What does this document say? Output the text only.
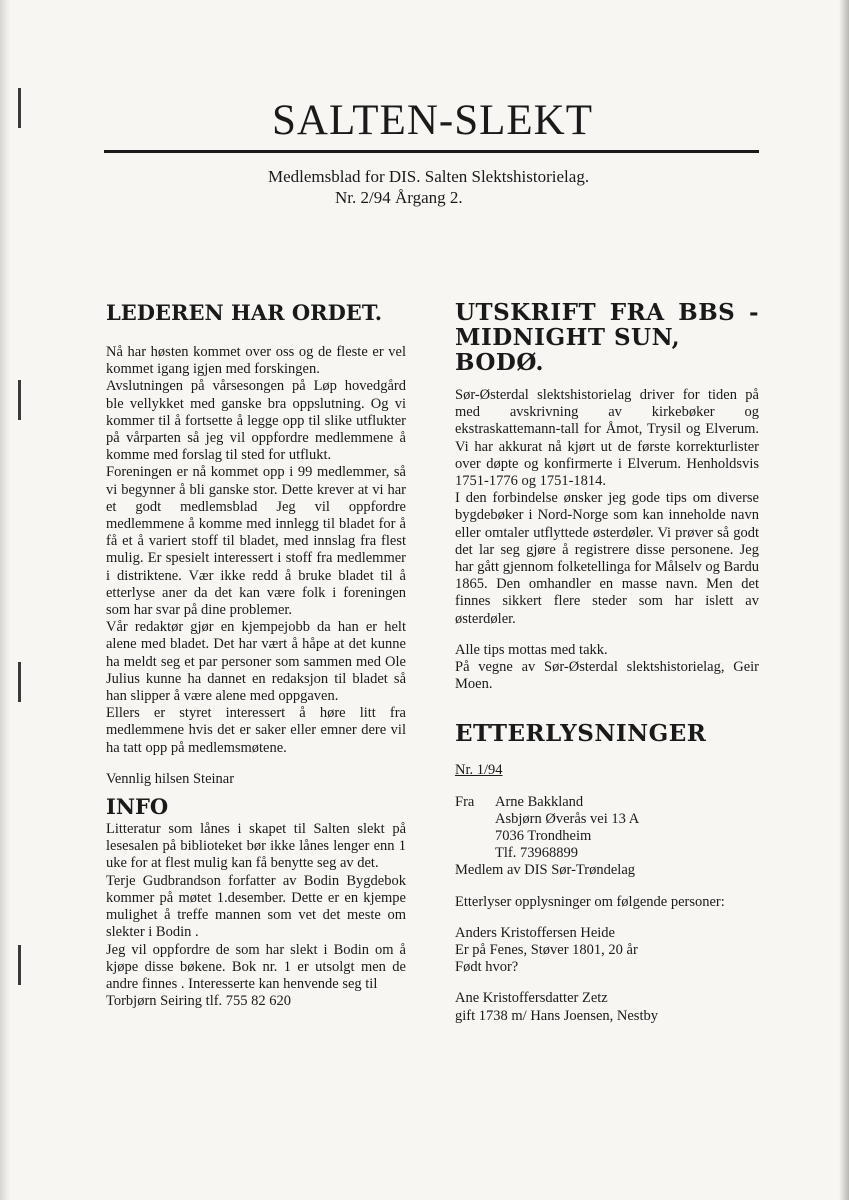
SALTEN-SLEKT
Medlemsblad for DIS. Salten Slektshistorielag.
Nr. 2/94 Årgang 2.
LEDEREN HAR ORDET.

Nå har høsten kommet over oss og de fleste er vel kommet igang igjen med forskingen.

Avslutningen på vårsesongen på Løp hovedgård ble vellykket med ganske bra oppslutning. Og vi kommer til å fortsette å legge opp til slike utflukter på vårparten så jeg vil oppfordre medlemmene å komme med forslag til sted for utflukt.

Foreningen er nå kommet opp i 99 medlemmer, så vi begynner å bli ganske stor. Dette krever at vi har et godt medlemsblad Jeg vil oppfordre medlemmene å komme med innlegg til bladet for å få et å variert stoff til bladet, med innslag fra flest mulig. Er spesielt interessert i stoff fra medlemmer i distriktene. Vær ikke redd å bruke bladet til å etterlyse aner da det kan være folk i foreningen som har svar på dine problemer.

Vår redaktør gjør en kjempejobb da han er helt alene med bladet. Det har vært å håpe at det kunne ha meldt seg et par personer som sammen med Ole Julius kunne ha dannet en redaksjon til bladet så han slipper å være alene med oppgaven.

Ellers er styret interessert å høre litt fra medlemmene hvis det er saker eller emner dere vil ha tatt opp på medlemsmøtene.

Vennlig hilsen Steinar

INFO

Litteratur som lånes i skapet til Salten slekt på lesesalen på biblioteket bør ikke lånes lenger enn 1 uke for at flest mulig kan få benytte seg av det.

Terje Gudbrandson forfatter av Bodin Bygdebok kommer på møtet 1.desember. Dette er en kjempe mulighet å treffe mannen som vet det meste om slekter i Bodin .

Jeg vil oppfordre de som har slekt i Bodin om å kjøpe disse bøkene. Bok nr. 1 er utsolgt men de andre finnes . Interesserte kan henvende seg til

Torbjørn Seiring tlf. 755 82 620

UTSKRIFT FRA BBS -
MIDNIGHT SUN, BODØ.

Sør-Østerdal slektshistorielag driver for tiden på med avskrivning av kirkebøker og ekstraskattemann-tall for Åmot, Trysil og Elverum. Vi har akkurat nå kjørt ut de første korrekturlister over døpte og konfirmerte i Elverum. Henholdsvis 1751-1776 og 1751-1814.

I den forbindelse ønsker jeg gode tips om diverse bygdebøker i Nord-Norge som kan inneholde navn eller omtaler utflyttede østerdøler. Vi prøver så godt det lar seg gjøre å registrere disse personene. Jeg har gått gjennom folketellinga for Målselv og Bardu 1865. Den omhandler en masse navn. Men det finnes sikkert flere steder som har islett av østerdøler.

Alle tips mottas med takk.

På vegne av Sør-Østerdal slektshistorielag, Geir Moen.

ETTERLYSNINGER

Nr. 1/94

Fra	Arne Bakkland
Asbjørn Øverås vei 13 A
7036 Trondheim
Tlf. 73968899

Medlem av DIS Sør-Trøndelag

Etterlyser opplysninger om følgende personer:

Anders Kristoffersen Heide

Er på Fenes, Støver 1801, 20 år

Født hvor?

Ane Kristoffersdatter Zetz

gift 1738 m/ Hans Joensen, Nestby
